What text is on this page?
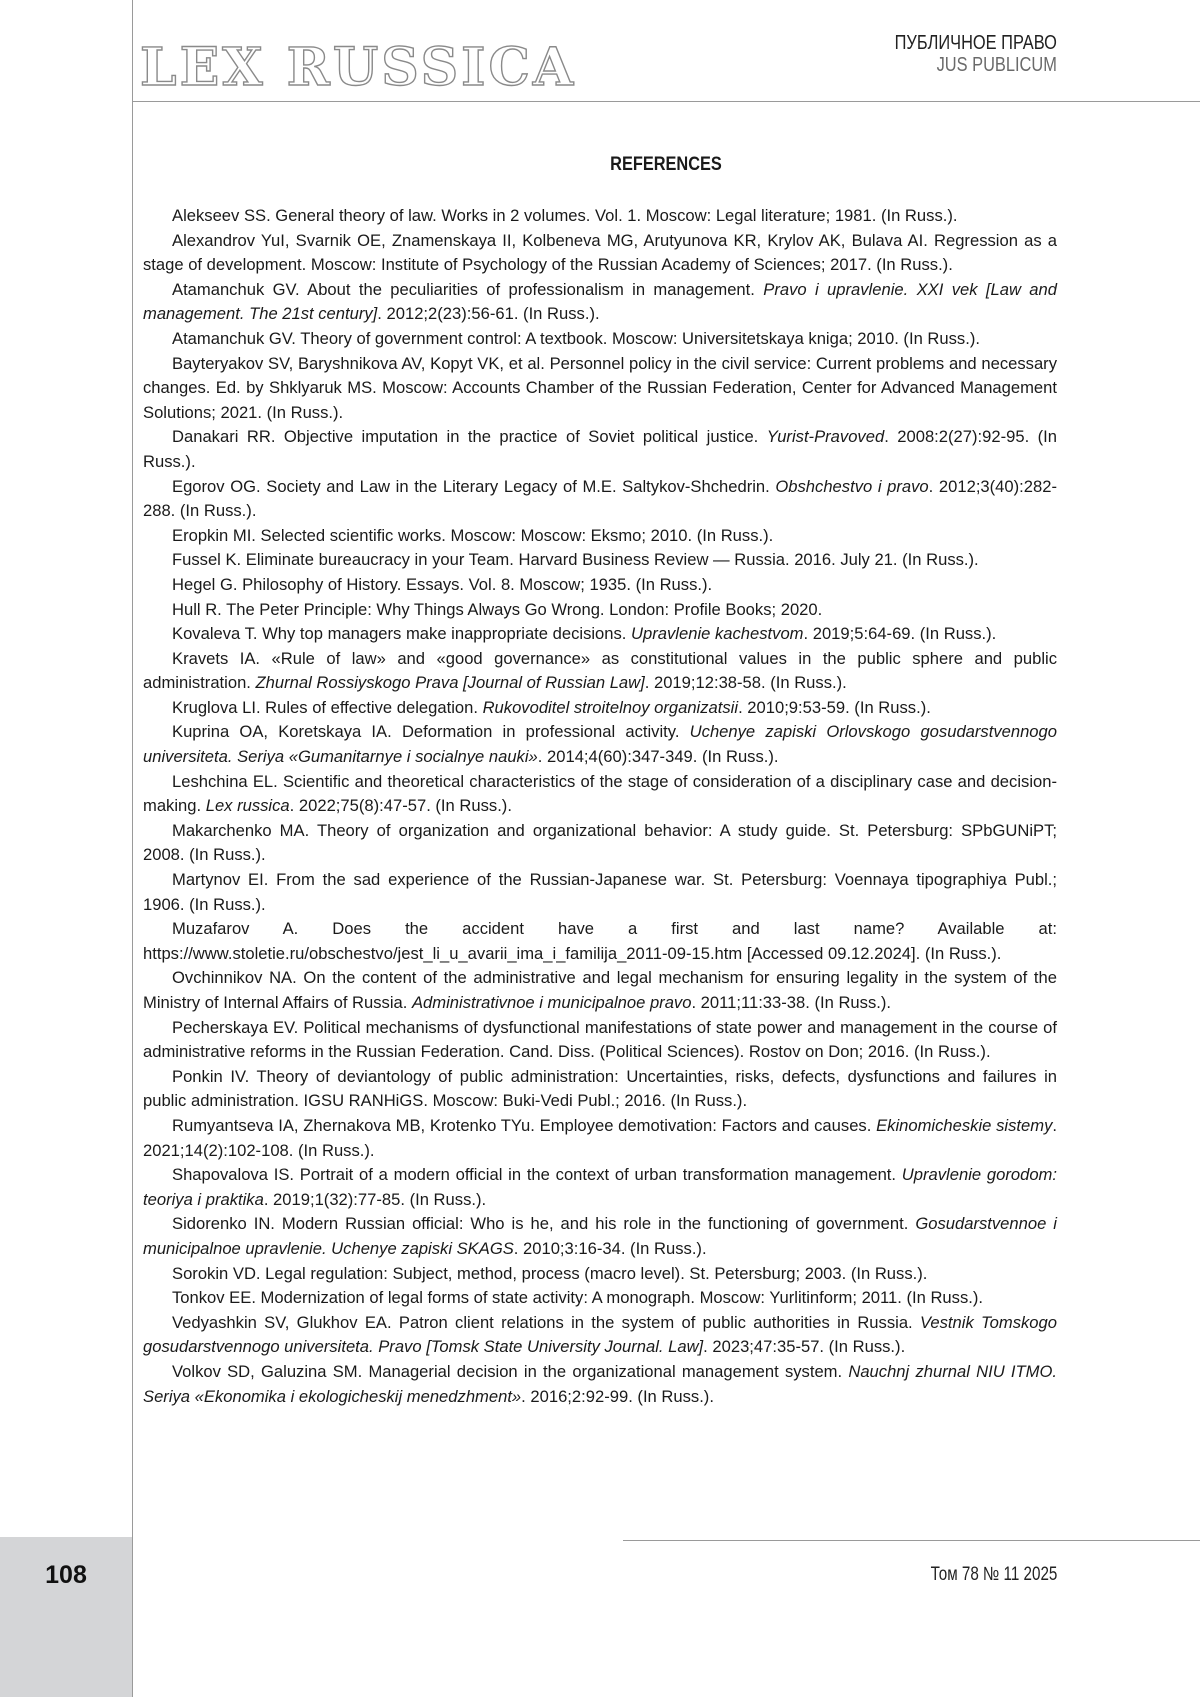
LEX RUSSICA	ПУБЛИЧНОЕ ПРАВО
JUS PUBLICUM
REFERENCES

Alekseev SS. General theory of law. Works in 2 volumes. Vol. 1. Moscow: Legal literature; 1981. (In Russ.).

Alexandrov YuI, Svarnik OE, Znamenskaya II, Kolbeneva MG, Arutyunova KR, Krylov AK, Bulava AI. Regression as a stage of development. Moscow: Institute of Psychology of the Russian Academy of Sciences; 2017. (In Russ.).

Atamanchuk GV. About the peculiarities of professionalism in management. Pravo i upravlenie. XXI vek [Law and management. The 21st century]. 2012;2(23):56-61. (In Russ.).

Atamanchuk GV. Theory of government control: A textbook. Moscow: Universitetskaya kniga; 2010. (In Russ.).

Bayteryakov SV, Baryshnikova AV, Kopyt VK, et al. Personnel policy in the civil service: Current problems and necessary changes. Ed. by Shklyaruk MS. Moscow: Accounts Chamber of the Russian Federation, Center for Advanced Management Solutions; 2021. (In Russ.).

Danakari RR. Objective imputation in the practice of Soviet political justice. Yurist-Pravoved. 2008:2(27):92-95. (In Russ.).

Egorov OG. Society and Law in the Literary Legacy of M.E. Saltykov-Shchedrin. Obshchestvo i pravo. 2012;3(40):282-288. (In Russ.).

Eropkin MI. Selected scientific works. Moscow: Moscow: Eksmo; 2010. (In Russ.).

Fussel K. Eliminate bureaucracy in your Team. Harvard Business Review — Russia. 2016. July 21. (In Russ.).

Hegel G. Philosophy of History. Essays. Vol. 8. Moscow; 1935. (In Russ.).

Hull R. The Peter Principle: Why Things Always Go Wrong. London: Profile Books; 2020.

Kovaleva T. Why top managers make inappropriate decisions. Upravlenie kachestvom. 2019;5:64-69. (In Russ.).

Kravets IA. «Rule of law» and «good governance» as constitutional values in the public sphere and public administration. Zhurnal Rossiyskogo Prava [Journal of Russian Law]. 2019;12:38-58. (In Russ.).

Kruglova LI. Rules of effective delegation. Rukovoditel stroitelnoy organizatsii. 2010;9:53-59. (In Russ.).

Kuprina OA, Koretskaya IA. Deformation in professional activity. Uchenye zapiski Orlovskogo gosudarstvennogo universiteta. Seriya «Gumanitarnye i socialnye nauki». 2014;4(60):347-349. (In Russ.).

Leshchina EL. Scientific and theoretical characteristics of the stage of consideration of a disciplinary case and decision-making. Lex russica. 2022;75(8):47-57. (In Russ.).

Makarchenko MA. Theory of organization and organizational behavior: A study guide. St. Petersburg: SPbGUNiPT; 2008. (In Russ.).

Martynov EI. From the sad experience of the Russian-Japanese war. St. Petersburg: Voennaya tipographiya Publ.; 1906. (In Russ.).

Muzafarov A. Does the accident have a first and last name? Available at: https://www.stoletie.ru/obschestvo/jest_li_u_avarii_ima_i_familija_2011-09-15.htm [Accessed 09.12.2024]. (In Russ.).

Ovchinnikov NA. On the content of the administrative and legal mechanism for ensuring legality in the system of the Ministry of Internal Affairs of Russia. Administrativnoe i municipalnoe pravo. 2011;11:33-38. (In Russ.).

Pecherskaya EV. Political mechanisms of dysfunctional manifestations of state power and management in the course of administrative reforms in the Russian Federation. Cand. Diss. (Political Sciences). Rostov on Don; 2016. (In Russ.).

Ponkin IV. Theory of deviantology of public administration: Uncertainties, risks, defects, dysfunctions and failures in public administration. IGSU RANHiGS. Moscow: Buki-Vedi Publ.; 2016. (In Russ.).

Rumyantseva IA, Zhernakova MB, Krotenko TYu. Employee demotivation: Factors and causes. Ekinomicheskie sistemy. 2021;14(2):102-108. (In Russ.).

Shapovalova IS. Portrait of a modern official in the context of urban transformation management. Upravlenie gorodom: teoriya i praktika. 2019;1(32):77-85. (In Russ.).

Sidorenko IN. Modern Russian official: Who is he, and his role in the functioning of government. Gosudarstvennoe i municipalnoe upravlenie. Uchenye zapiski SKAGS. 2010;3:16-34. (In Russ.).

Sorokin VD. Legal regulation: Subject, method, process (macro level). St. Petersburg; 2003. (In Russ.).

Tonkov EE. Modernization of legal forms of state activity: A monograph. Moscow: Yurlitinform; 2011. (In Russ.).

Vedyashkin SV, Glukhov EA. Patron client relations in the system of public authorities in Russia. Vestnik Tomskogo gosudarstvennogo universiteta. Pravo [Tomsk State University Journal. Law]. 2023;47:35-57. (In Russ.).

Volkov SD, Galuzina SM. Managerial decision in the organizational management system. Nauchnj zhurnal NIU ITMO. Seriya «Ekonomika i ekologicheskij menedzhment». 2016;2:92-99. (In Russ.).

108	Том 78 № 11 2025
